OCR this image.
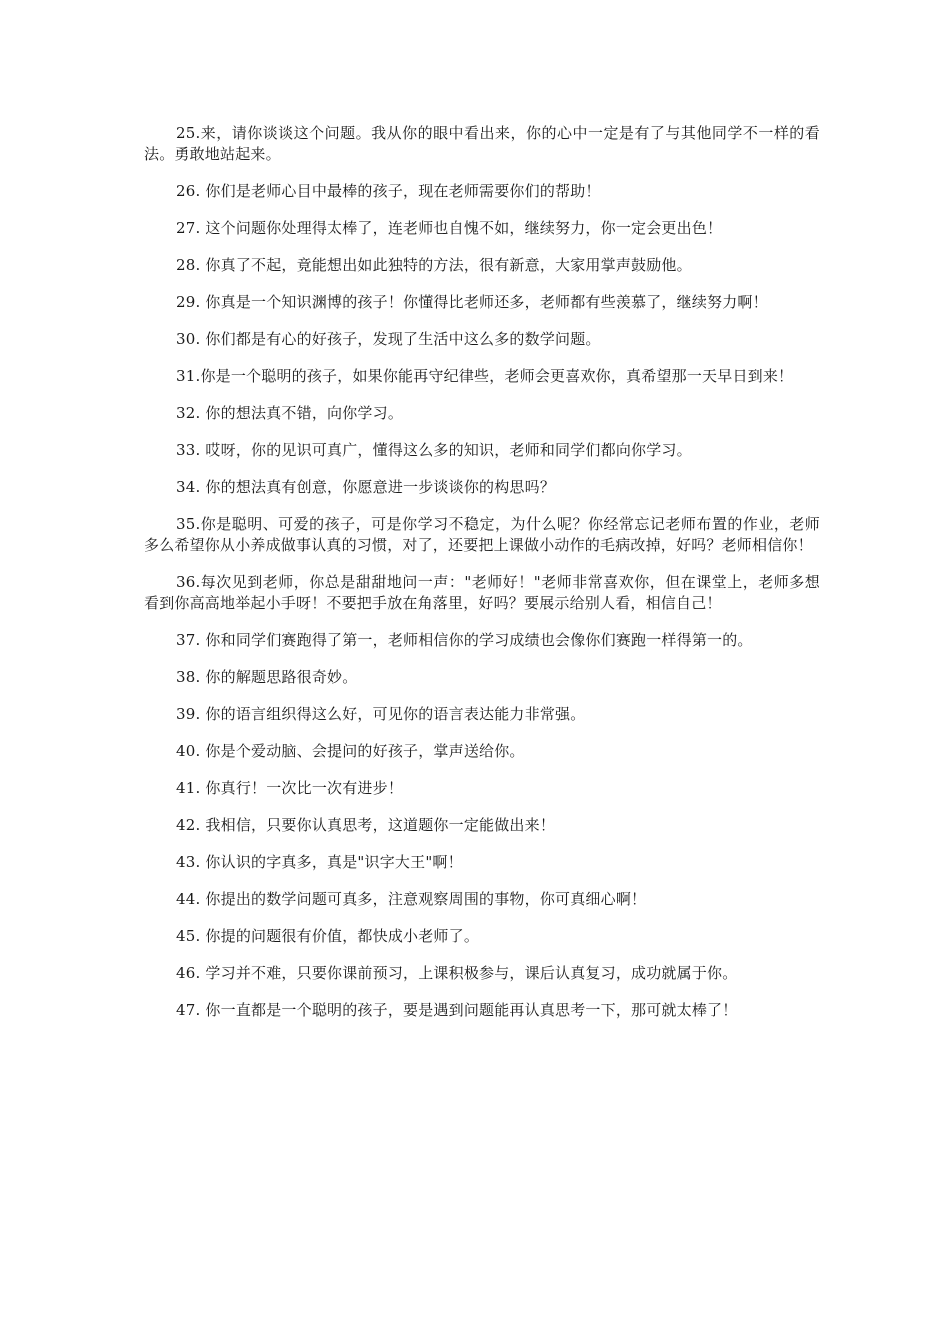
25.来，请你谈谈这个问题。我从你的眼中看出来，你的心中一定是有了与其他同学不一样的看法。勇敢地站起来。

26. 你们是老师心目中最棒的孩子，现在老师需要你们的帮助！

27. 这个问题你处理得太棒了，连老师也自愧不如，继续努力，你一定会更出色！

28. 你真了不起，竟能想出如此独特的方法，很有新意，大家用掌声鼓励他。

29. 你真是一个知识渊博的孩子！你懂得比老师还多，老师都有些羡慕了，继续努力啊！

30. 你们都是有心的好孩子，发现了生活中这么多的数学问题。

31.你是一个聪明的孩子，如果你能再守纪律些，老师会更喜欢你，真希望那一天早日到来！

32. 你的想法真不错，向你学习。

33. 哎呀，你的见识可真广，懂得这么多的知识，老师和同学们都向你学习。

34. 你的想法真有创意，你愿意进一步谈谈你的构思吗？

35.你是聪明、可爱的孩子，可是你学习不稳定，为什么呢？你经常忘记老师布置的作业，老师多么希望你从小养成做事认真的习惯，对了，还要把上课做小动作的毛病改掉，好吗？老师相信你！

36.每次见到老师，你总是甜甜地问一声："老师好！"老师非常喜欢你，但在课堂上，老师多想看到你高高地举起小手呀！不要把手放在角落里，好吗？要展示给别人看，相信自己！

37. 你和同学们赛跑得了第一，老师相信你的学习成绩也会像你们赛跑一样得第一的。

38. 你的解题思路很奇妙。

39. 你的语言组织得这么好，可见你的语言表达能力非常强。

40. 你是个爱动脑、会提问的好孩子，掌声送给你。

41. 你真行！一次比一次有进步！

42. 我相信，只要你认真思考，这道题你一定能做出来！

43. 你认识的字真多，真是"识字大王"啊！

44. 你提出的数学问题可真多，注意观察周围的事物，你可真细心啊！

45. 你提的问题很有价值，都快成小老师了。

46. 学习并不难，只要你课前预习，上课积极参与，课后认真复习，成功就属于你。

47. 你一直都是一个聪明的孩子，要是遇到问题能再认真思考一下，那可就太棒了！
